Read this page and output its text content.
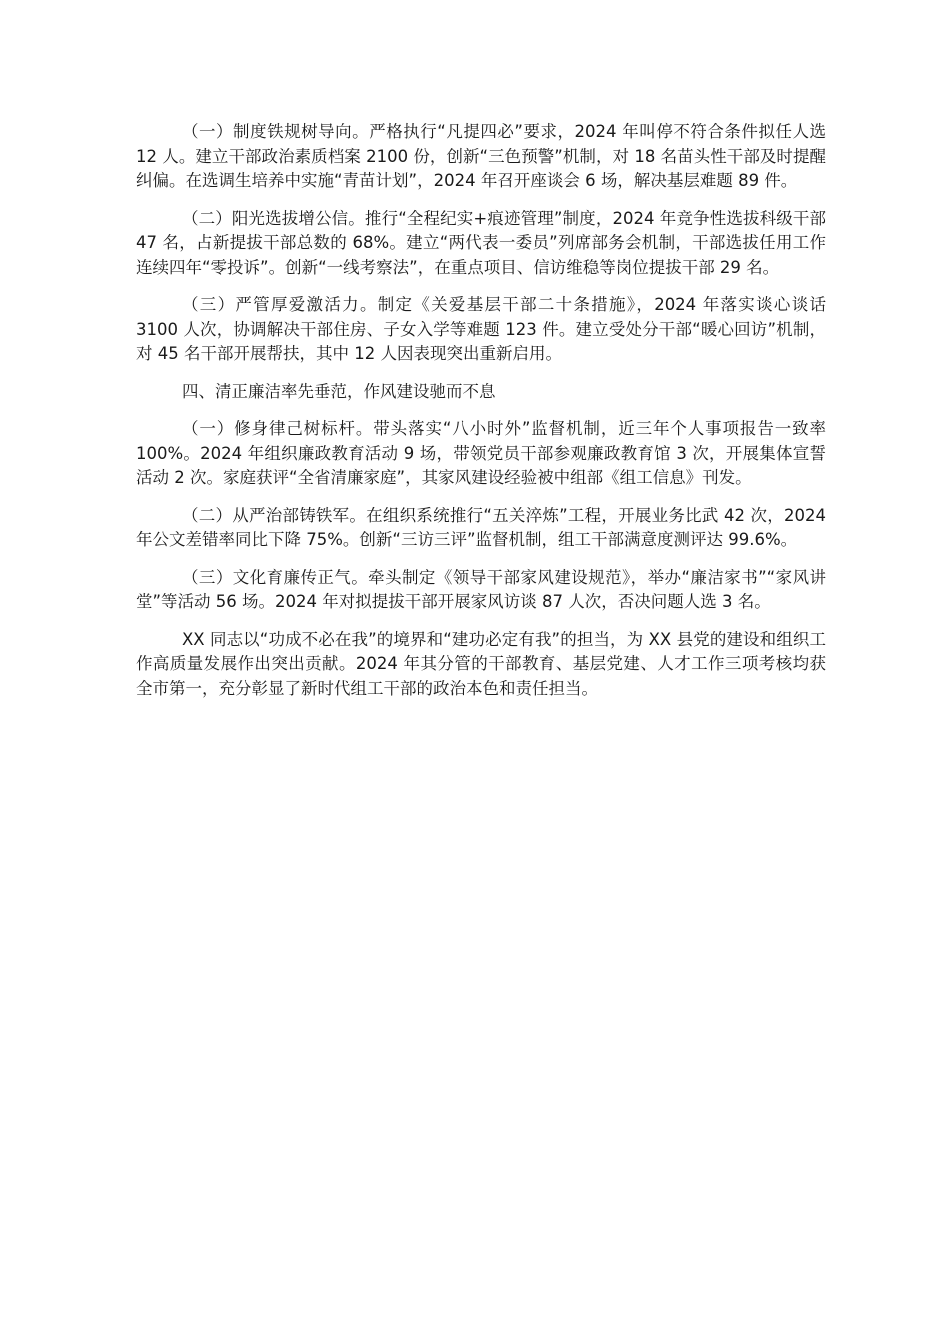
（一）制度铁规树导向。严格执行“凡提四必”要求，2024 年叫停不符合条件拟任人选 12 人。建立干部政治素质档案 2100 份，创新“三色预警”机制，对 18 名苗头性干部及时提醒纠偏。在选调生培养中实施“青苗计划”，2024 年召开座谈会 6 场，解决基层难题 89 件。

（二）阳光选拔增公信。推行“全程纪实+痕迹管理”制度，2024 年竞争性选拔科级干部 47 名，占新提拔干部总数的 68%。建立“两代表一委员”列席部务会机制，干部选拔任用工作连续四年“零投诉”。创新“一线考察法”，在重点项目、信访维稳等岗位提拔干部 29 名。

（三）严管厚爱激活力。制定《关爱基层干部二十条措施》，2024 年落实谈心谈话 3100 人次，协调解决干部住房、子女入学等难题 123 件。建立受处分干部“暖心回访”机制，对 45 名干部开展帮扶，其中 12 人因表现突出重新启用。

四、清正廉洁率先垂范，作风建设驰而不息

（一）修身律己树标杆。带头落实“八小时外”监督机制，近三年个人事项报告一致率 100%。2024 年组织廉政教育活动 9 场，带领党员干部参观廉政教育馆 3 次，开展集体宣誓活动 2 次。家庭获评“全省清廉家庭”，其家风建设经验被中组部《组工信息》刊发。

（二）从严治部铸铁军。在组织系统推行“五关淬炼”工程，开展业务比武 42 次，2024 年公文差错率同比下降 75%。创新“三访三评”监督机制，组工干部满意度测评达 99.6%。

（三）文化育廉传正气。牵头制定《领导干部家风建设规范》，举办“廉洁家书”“家风讲堂”等活动 56 场。2024 年对拟提拔干部开展家风访谈 87 人次，否决问题人选 3 名。

XX 同志以“功成不必在我”的境界和“建功必定有我”的担当，为 XX 县党的建设和组织工作高质量发展作出突出贡献。2024 年其分管的干部教育、基层党建、人才工作三项考核均获全市第一，充分彰显了新时代组工干部的政治本色和责任担当。
